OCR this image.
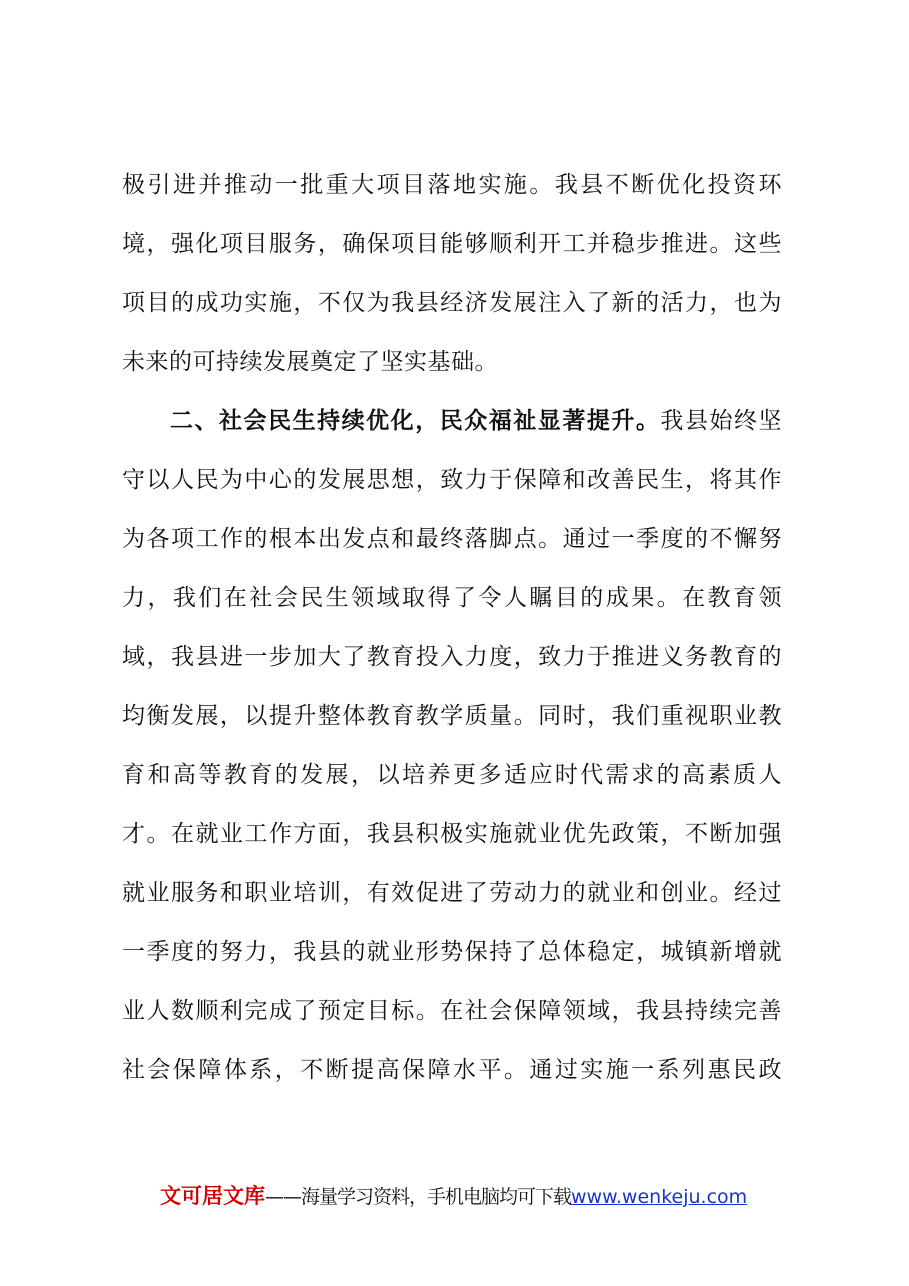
极引进并推动一批重大项目落地实施。我县不断优化投资环
境，强化项目服务，确保项目能够顺利开工并稳步推进。这些
项目的成功实施，不仅为我县经济发展注入了新的活力，也为
未来的可持续发展奠定了坚实基础。
二、社会民生持续优化，民众福祉显著提升。我县始终坚
守以人民为中心的发展思想，致力于保障和改善民生，将其作
为各项工作的根本出发点和最终落脚点。通过一季度的不懈努
力，我们在社会民生领域取得了令人瞩目的成果。在教育领
域，我县进一步加大了教育投入力度，致力于推进义务教育的
均衡发展，以提升整体教育教学质量。同时，我们重视职业教
育和高等教育的发展，以培养更多适应时代需求的高素质人
才。在就业工作方面，我县积极实施就业优先政策，不断加强
就业服务和职业培训，有效促进了劳动力的就业和创业。经过
一季度的努力，我县的就业形势保持了总体稳定，城镇新增就
业人数顺利完成了预定目标。在社会保障领域，我县持续完善
社会保障体系，不断提高保障水平。通过实施一系列惠民政
文可居文库——海量学习资料，手机电脑均可下载www.wenkeju.com
